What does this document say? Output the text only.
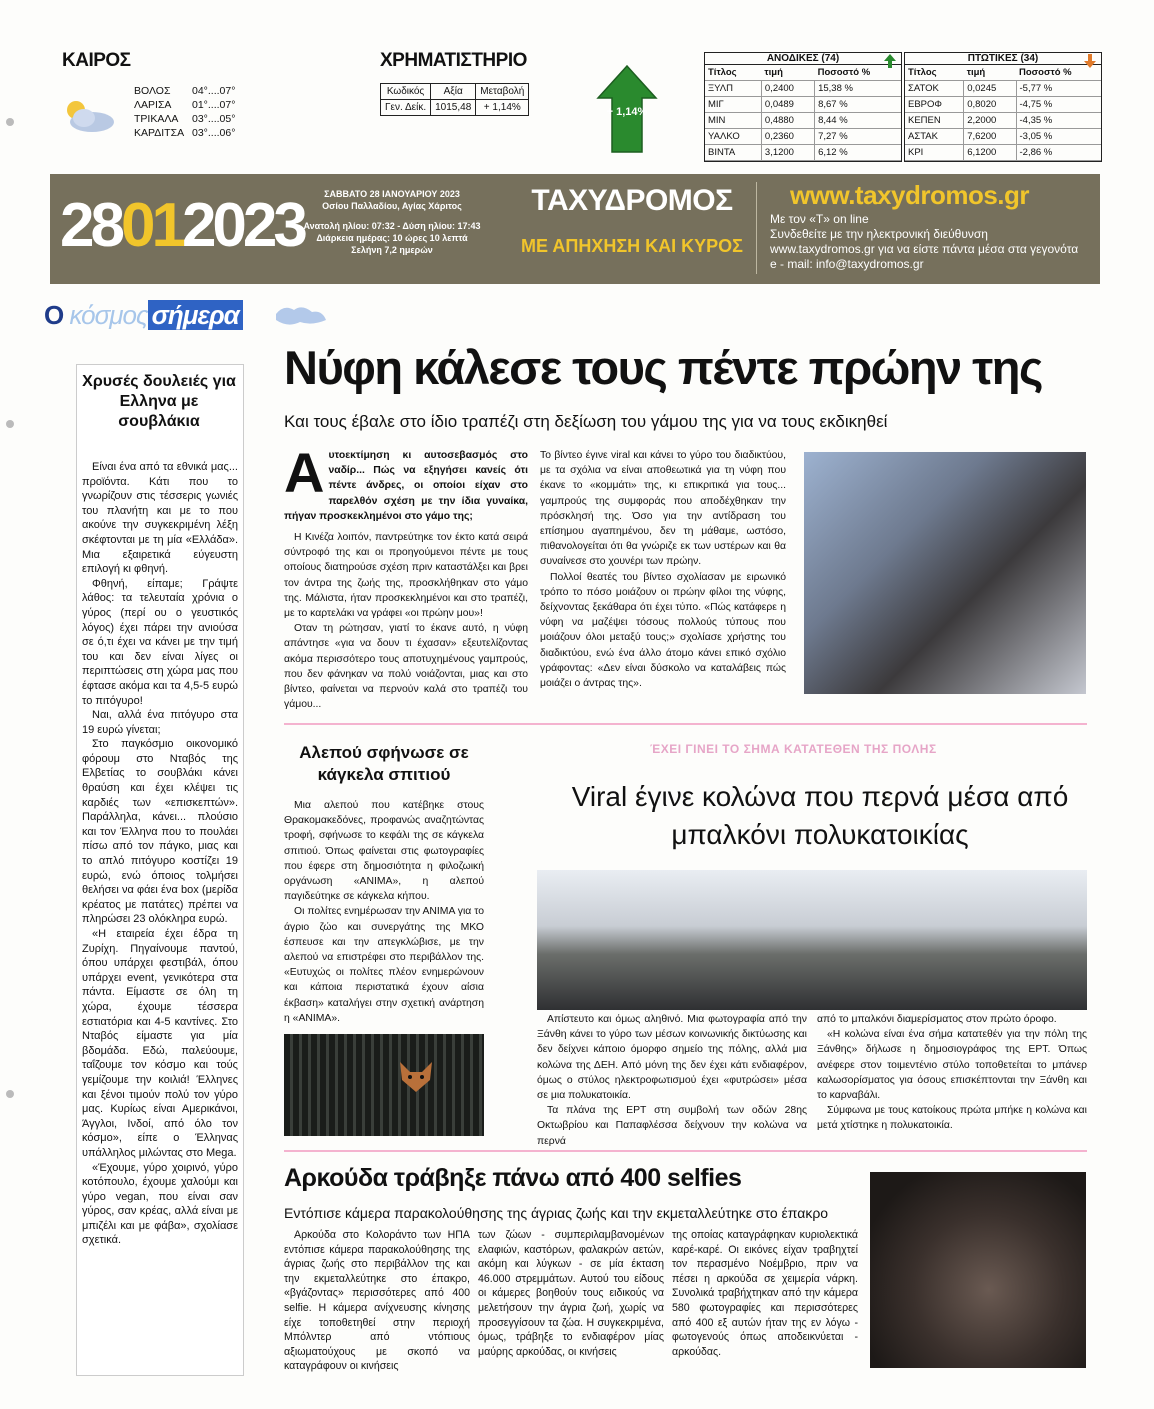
ΚΑΙΡΟΣ
ΒΟΛΟΣ 04°....07°
ΛΑΡΙΣΑ 01°....07°
ΤΡΙΚΑΛΑ 03°....05°
ΚΑΡΔΙΤΣΑ 03°....06°
ΧΡΗΜΑΤΙΣΤΗΡΙΟ
Κωδικός	Αξία	Μεταβολή
Γεν. Δείκ.	1015,48	+ 1,14%	+ 1,14%
ΑΝΟΔΙΚΕΣ (74)
Τίτλος	τιμή	Ποσοστό %
ΞΥΛΠ	0,2400	15,38 %
ΜΙΓ	0,0489	8,67 %
ΜΙΝ	0,4880	8,44 %
ΥΑΛΚΟ	0,2360	7,27 %
ΒΙΝΤΑ	3,1200	6,12 %
ΠΤΩΤΙΚΕΣ (34)
Τίτλος	τιμή	Ποσοστό %
ΣΑΤΟΚ	0,0245	-5,77 %
ΕΒΡΟΦ	0,8020	-4,75 %
ΚΕΠΕΝ	2,2000	-4,35 %
ΑΣΤΑΚ	7,6200	-3,05 %
ΚΡΙ	6,1200	-2,86 %
28012023	ΣΑΒΒΑΤΟ 28 ΙΑΝΟΥΑΡΙΟΥ 2023
Οσίου Παλλαδίου, Αγίας Χάριτος
Ανατολή ηλίου: 07:32 - Δύση ηλίου: 17:43
Διάρκεια ημέρας: 10 ώρες 10 λεπτά
Σελήνη 7,2 ημερών
ΤΑΧΥΔΡΟΜΟΣ
ΜΕ ΑΠΗΧΗΣΗ ΚΑΙ ΚΥΡΟΣ
www.taxydromos.gr
Με τον «Τ» on line
Συνδεθείτε με την ηλεκτρονική διεύθυνση
www.taxydromos.gr για να είστε πάντα μέσα στα γεγονότα
e - mail: info@taxydromos.gr
Ο κόσμος σήμερα
Χρυσές δουλειές για Ελληνα με σουβλάκια

Είναι ένα από τα εθνικά μας... προϊόντα. Κάτι που το γνωρίζουν στις τέσσερις γωνιές του πλανήτη και με το που ακούνε την συγκεκριμένη λέξη σκέφτονται με τη μία «Ελλάδα». Μια εξαιρετικά εύγευστη επιλογή κι φθηνή.

Φθηνή, είπαμε; Γράψτε λάθος: τα τελευταία χρόνια ο γύρος (περί ου ο γευστικός λόγος) έχει πάρει την ανιούσα σε ό,τι έχει να κάνει με την τιμή του και δεν είναι λίγες οι περιπτώσεις στη χώρα μας που έφτασε ακόμα και τα 4,5-5 ευρώ το πιτόγυρο!

Ναι, αλλά ένα πιτόγυρο στα 19 ευρώ γίνεται;

Στο παγκόσμιο οικονομικό φόρουμ στο Νταβός της Ελβετίας το σουβλάκι κάνει θραύση και έχει κλέψει τις καρδιές των «επισκεπτών». Παράλληλα, κάνει... πλούσιο και τον Έλληνα που το πουλάει πίσω από τον πάγκο, μιας και το απλό πιτόγυρο κοστίζει 19 ευρώ, ενώ όποιος τολμήσει θελήσει να φάει ένα box (μερίδα κρέατος με πατάτες) πρέπει να πληρώσει 23 ολόκληρα ευρώ.

«Η εταιρεία έχει έδρα τη Ζυρίχη. Πηγαίνουμε παντού, όπου υπάρχει φεστιβάλ, όπου υπάρχει event, γενικότερα στα πάντα. Είμαστε σε όλη τη χώρα, έχουμε τέσσερα εστιατόρια και 4-5 καντίνες. Στο Νταβός είμαστε για μία βδομάδα. Εδώ, παλεύουμε, ταΐζουμε τον κόσμο και τούς γεμίζουμε την κοιλιά! Έλληνες και ξένοι τιμούν πολύ τον γύρο μας. Κυρίως είναι Αμερικάνοι, Άγγλοι, Ινδοί, από όλο τον κόσμο», είπε ο Έλληνας υπάλληλος μιλώντας στο Mega.

«Έχουμε, γύρο χοιρινό, γύρο κοτόπουλο, έχουμε χαλούμι και γύρο vegan, που είναι σαν γύρος, σαν κρέας, αλλά είναι με μπιζέλι και με φάβα», σχολίασε σχετικά.

Νύφη κάλεσε τους πέντε πρώην της
Και τους έβαλε στο ίδιο τραπέζι στη δεξίωση του γάμου της για να τους εκδικηθεί
Α υτοεκτίμηση κι αυτοσεβασμός στο ναδίρ... Πώς να εξηγήσει κανείς ότι πέντε άνδρες, οι οποίοι είχαν στο παρελθόν σχέση με την ίδια γυναίκα, πήγαν προσκεκλημένοι στο γάμο της;

Η Κινέζα λοιπόν, παντρεύτηκε τον έκτο κατά σειρά σύντροφό της και οι προηγούμενοι πέντε με τους οποίους διατηρούσε σχέση πριν καταστάλξει και βρει τον άντρα της ζωής της, προσκλήθηκαν στο γάμο της. Μάλιστα, ήταν προσκεκλημένοι και στο τραπέζι, με το καρτελάκι να γράφει «οι πρώην μου»!

Οταν τη ρώτησαν, γιατί το έκανε αυτό, η νύφη απάντησε «για να δουν τι έχασαν» εξευτελίζοντας ακόμα περισσότερο τους αποτυχημένους γαμπρούς, που δεν φάνηκαν να πολύ νοιάζονται, μιας και στο βίντεο, φαίνεται να περνούν καλά στο τραπέζι του γάμου...

Το βίντεο έγινε viral και κάνει το γύρο του διαδικτύου, με τα σχόλια να είναι αποθεωτικά για τη νύφη που έκανε το «κομμάτι» της, κι επικριτικά για τους... γαμπρούς της συμφοράς που αποδέχθηκαν την πρόσκλησή της. Όσο για την αντίδραση του επίσημου αγαπημένου, δεν τη μάθαμε, ωστόσο, πιθανολογείται ότι θα γνώριζε εκ των υστέρων και θα συναίνεσε στο χουνέρι των πρώην.

Πολλοί θεατές του βίντεο σχολίασαν με ειρωνικό τρόπο το πόσο μοιάζουν οι πρώην φίλοι της νύφης, δείχνοντας ξεκάθαρα ότι έχει τύπο. «Πώς κατάφερε η νύφη να μαζέψει τόσους πολλούς τύπους που μοιάζουν όλοι μεταξύ τους;» σχολίασε χρήστης του διαδικτύου, ενώ ένα άλλο άτομο κάνει επικό σχόλιο γράφοντας: «Δεν είναι δύσκολο να καταλάβεις πώς μοιάζει ο άντρας της».

Αλεπού σφήνωσε σε κάγκελα σπιτιού

Μια αλεπού που κατέβηκε στους Θρακομακεδόνες, προφανώς αναζητώντας τροφή, σφήνωσε το κεφάλι της σε κάγκελα σπιτιού. Όπως φαίνεται στις φωτογραφίες που έφερε στη δημοσιότητα η φιλοζωική οργάνωση «ΑΝΙΜΑ», η αλεπού παγιδεύτηκε σε κάγκελα κήπου.

Οι πολίτες ενημέρωσαν την ΑΝΙΜΑ για το άγριο ζώο και συνεργάτης της ΜΚΟ έσπευσε και την απεγκλώβισε, με την αλεπού να επιστρέφει στο περιβάλλον της. «Ευτυχώς οι πολίτες πλέον ενημερώνουν και κάποια περιστατικά έχουν αίσια έκβαση» καταλήγει στην σχετική ανάρτηση η «ΑΝΙΜΑ».

ΈΧΕΙ ΓΙΝΕΙ ΤΟ ΣΗΜΑ ΚΑΤΑΤΕΘΕΝ ΤΗΣ ΠΟΛΗΣ
Viral έγινε κολώνα που περνά μέσα από μπαλκόνι πολυκατοικίας

Απίστευτο και όμως αληθινό. Μια φωτογραφία από την Ξάνθη κάνει το γύρο των μέσων κοινωνικής δικτύωσης και δεν δείχνει κάποιο όμορφο σημείο της πόλης, αλλά μια κολώνα της ΔΕΗ. Από μόνη της δεν έχει κάτι ενδιαφέρον, όμως ο στύλος ηλεκτροφωτισμού έχει «φυτρώσει» μέσα σε μια πολυκατοικία.

Τα πλάνα της ΕΡΤ στη συμβολή των οδών 28ης Οκτωβρίου και Παπαφλέσσα δείχνουν την κολώνα να περνά

από το μπαλκόνι διαμερίσματος στον πρώτο όροφο.

«Η κολώνα είναι ένα σήμα κατατεθέν για την πόλη της Ξάνθης» δήλωσε η δημοσιογράφος της ΕΡΤ. Όπως ανέφερε στον τοιμεντένιο στύλο τοποθετείται το μπάνερ καλωσορίσματος για όσους επισκέπτονται την Ξάνθη και το καρναβάλι.

Σύμφωνα με τους κατοίκους πρώτα μπήκε η κολώνα και μετά χτίστηκε η πολυκατοικία.

Αρκούδα τράβηξε πάνω από 400 selfies
Εντόπισε κάμερα παρακολούθησης της άγριας ζωής και την εκμεταλλεύτηκε στο έπακρο

Αρκούδα στο Κολοράντο των ΗΠΑ εντόπισε κάμερα παρακολούθησης της άγριας ζωής στο περιβάλλον της και την εκμεταλλεύτηκε στο έπακρο, «βγάζοντας» περισσότερες από 400 selfie. Η κάμερα ανίχνευσης κίνησης είχε τοποθετηθεί στην περιοχή Μπόλντερ από ντόπιους αξιωματούχους με σκοπό να καταγράφουν οι κινήσεις

των ζώων - συμπεριλαμβανομένων ελαφιών, καστόρων, φαλακρών αετών, ακόμη και λύγκων - σε μία έκταση 46.000 στρεμμάτων. Αυτού του είδους οι κάμερες βοηθούν τους ειδικούς να μελετήσουν την άγρια ζωή, χωρίς να προσεγγίσουν τα ζώα. Η συγκεκριμένα, όμως, τράβηξε το ενδιαφέρον μίας μαύρης αρκούδας, οι κινήσεις

της οποίας καταγράφηκαν κυριολεκτικά καρέ-καρέ. Οι εικόνες είχαν τραβηχτεί τον περασμένο Νοέμβριο, πριν να πέσει η αρκούδα σε χειμερία νάρκη. Συνολικά τραβήχτηκαν από την κάμερα 580 φωτογραφίες και περισσότερες από 400 εξ αυτών ήταν της εν λόγω - φωτογενούς όπως αποδεικνύεται - αρκούδας.
